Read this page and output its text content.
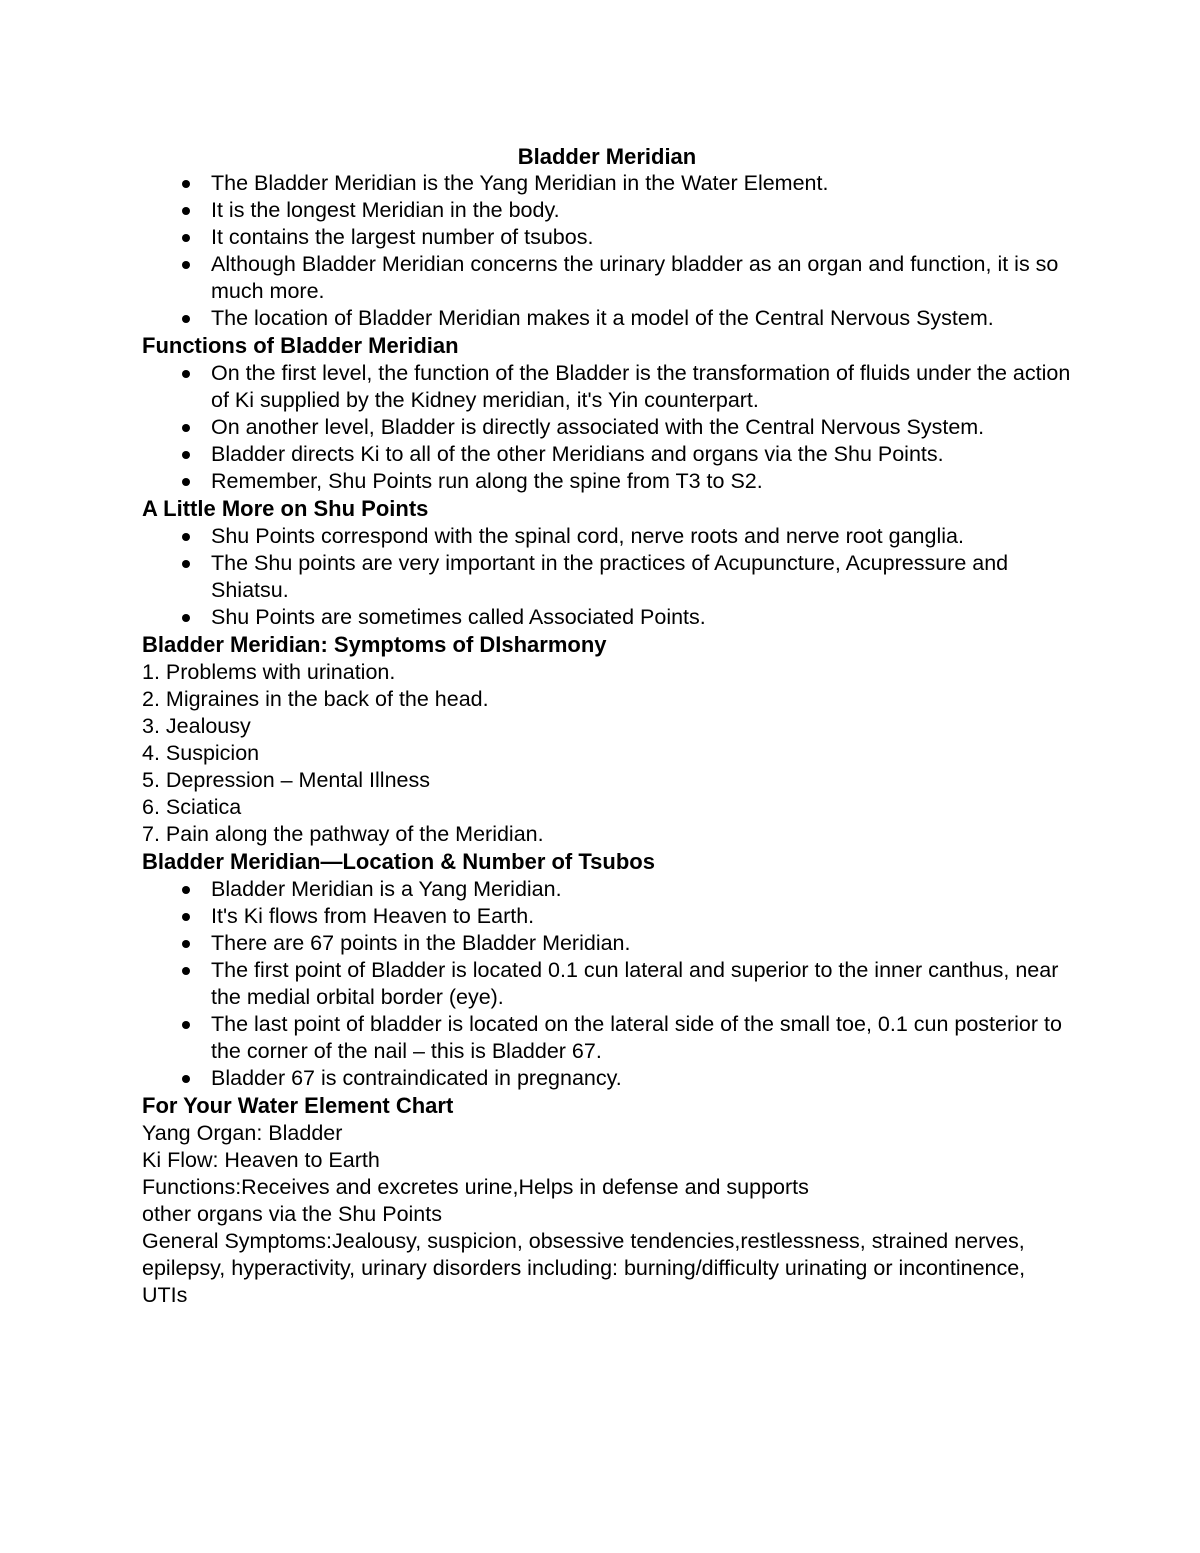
Bladder Meridian
The Bladder Meridian is the Yang Meridian in the Water Element.
It is the longest Meridian in the body.
It contains the largest number of tsubos.
Although Bladder Meridian concerns the urinary bladder as an organ and function, it is so much more.
The location of Bladder Meridian makes it a model of the Central Nervous System.
Functions of Bladder Meridian
On the first level, the function of the Bladder is the transformation of fluids under the action of Ki supplied by the Kidney meridian, it's Yin counterpart.
On another level, Bladder is directly associated with the Central Nervous System.
Bladder directs Ki to all of the other Meridians and organs via the Shu Points.
Remember, Shu Points run along the spine from T3 to S2.
A Little More on Shu Points
Shu Points correspond with the spinal cord, nerve roots and nerve root ganglia.
The Shu points are very important in the practices of Acupuncture, Acupressure and Shiatsu.
Shu Points are sometimes called Associated Points.
Bladder Meridian: Symptoms of DIsharmony
1. Problems with urination.
2. Migraines in the back of the head.
3. Jealousy
4. Suspicion
5. Depression – Mental Illness
6. Sciatica
7. Pain along the pathway of the Meridian.
Bladder Meridian—Location & Number of Tsubos
Bladder Meridian is a Yang Meridian.
It's Ki flows from Heaven to Earth.
There are 67 points in the Bladder Meridian.
The first point of Bladder is located 0.1 cun lateral and superior to the inner canthus, near the medial orbital border (eye).
The last point of bladder is located on the lateral side of the small toe, 0.1 cun posterior to the corner of the nail – this is Bladder 67.
Bladder 67 is contraindicated in pregnancy.
For Your Water Element Chart
Yang Organ: Bladder
Ki Flow: Heaven to Earth
Functions:Receives and excretes urine,Helps in defense and supports
other organs via the Shu Points
General Symptoms:Jealousy, suspicion, obsessive tendencies,restlessness, strained nerves, epilepsy, hyperactivity, urinary disorders including: burning/difficulty urinating or incontinence, UTIs
